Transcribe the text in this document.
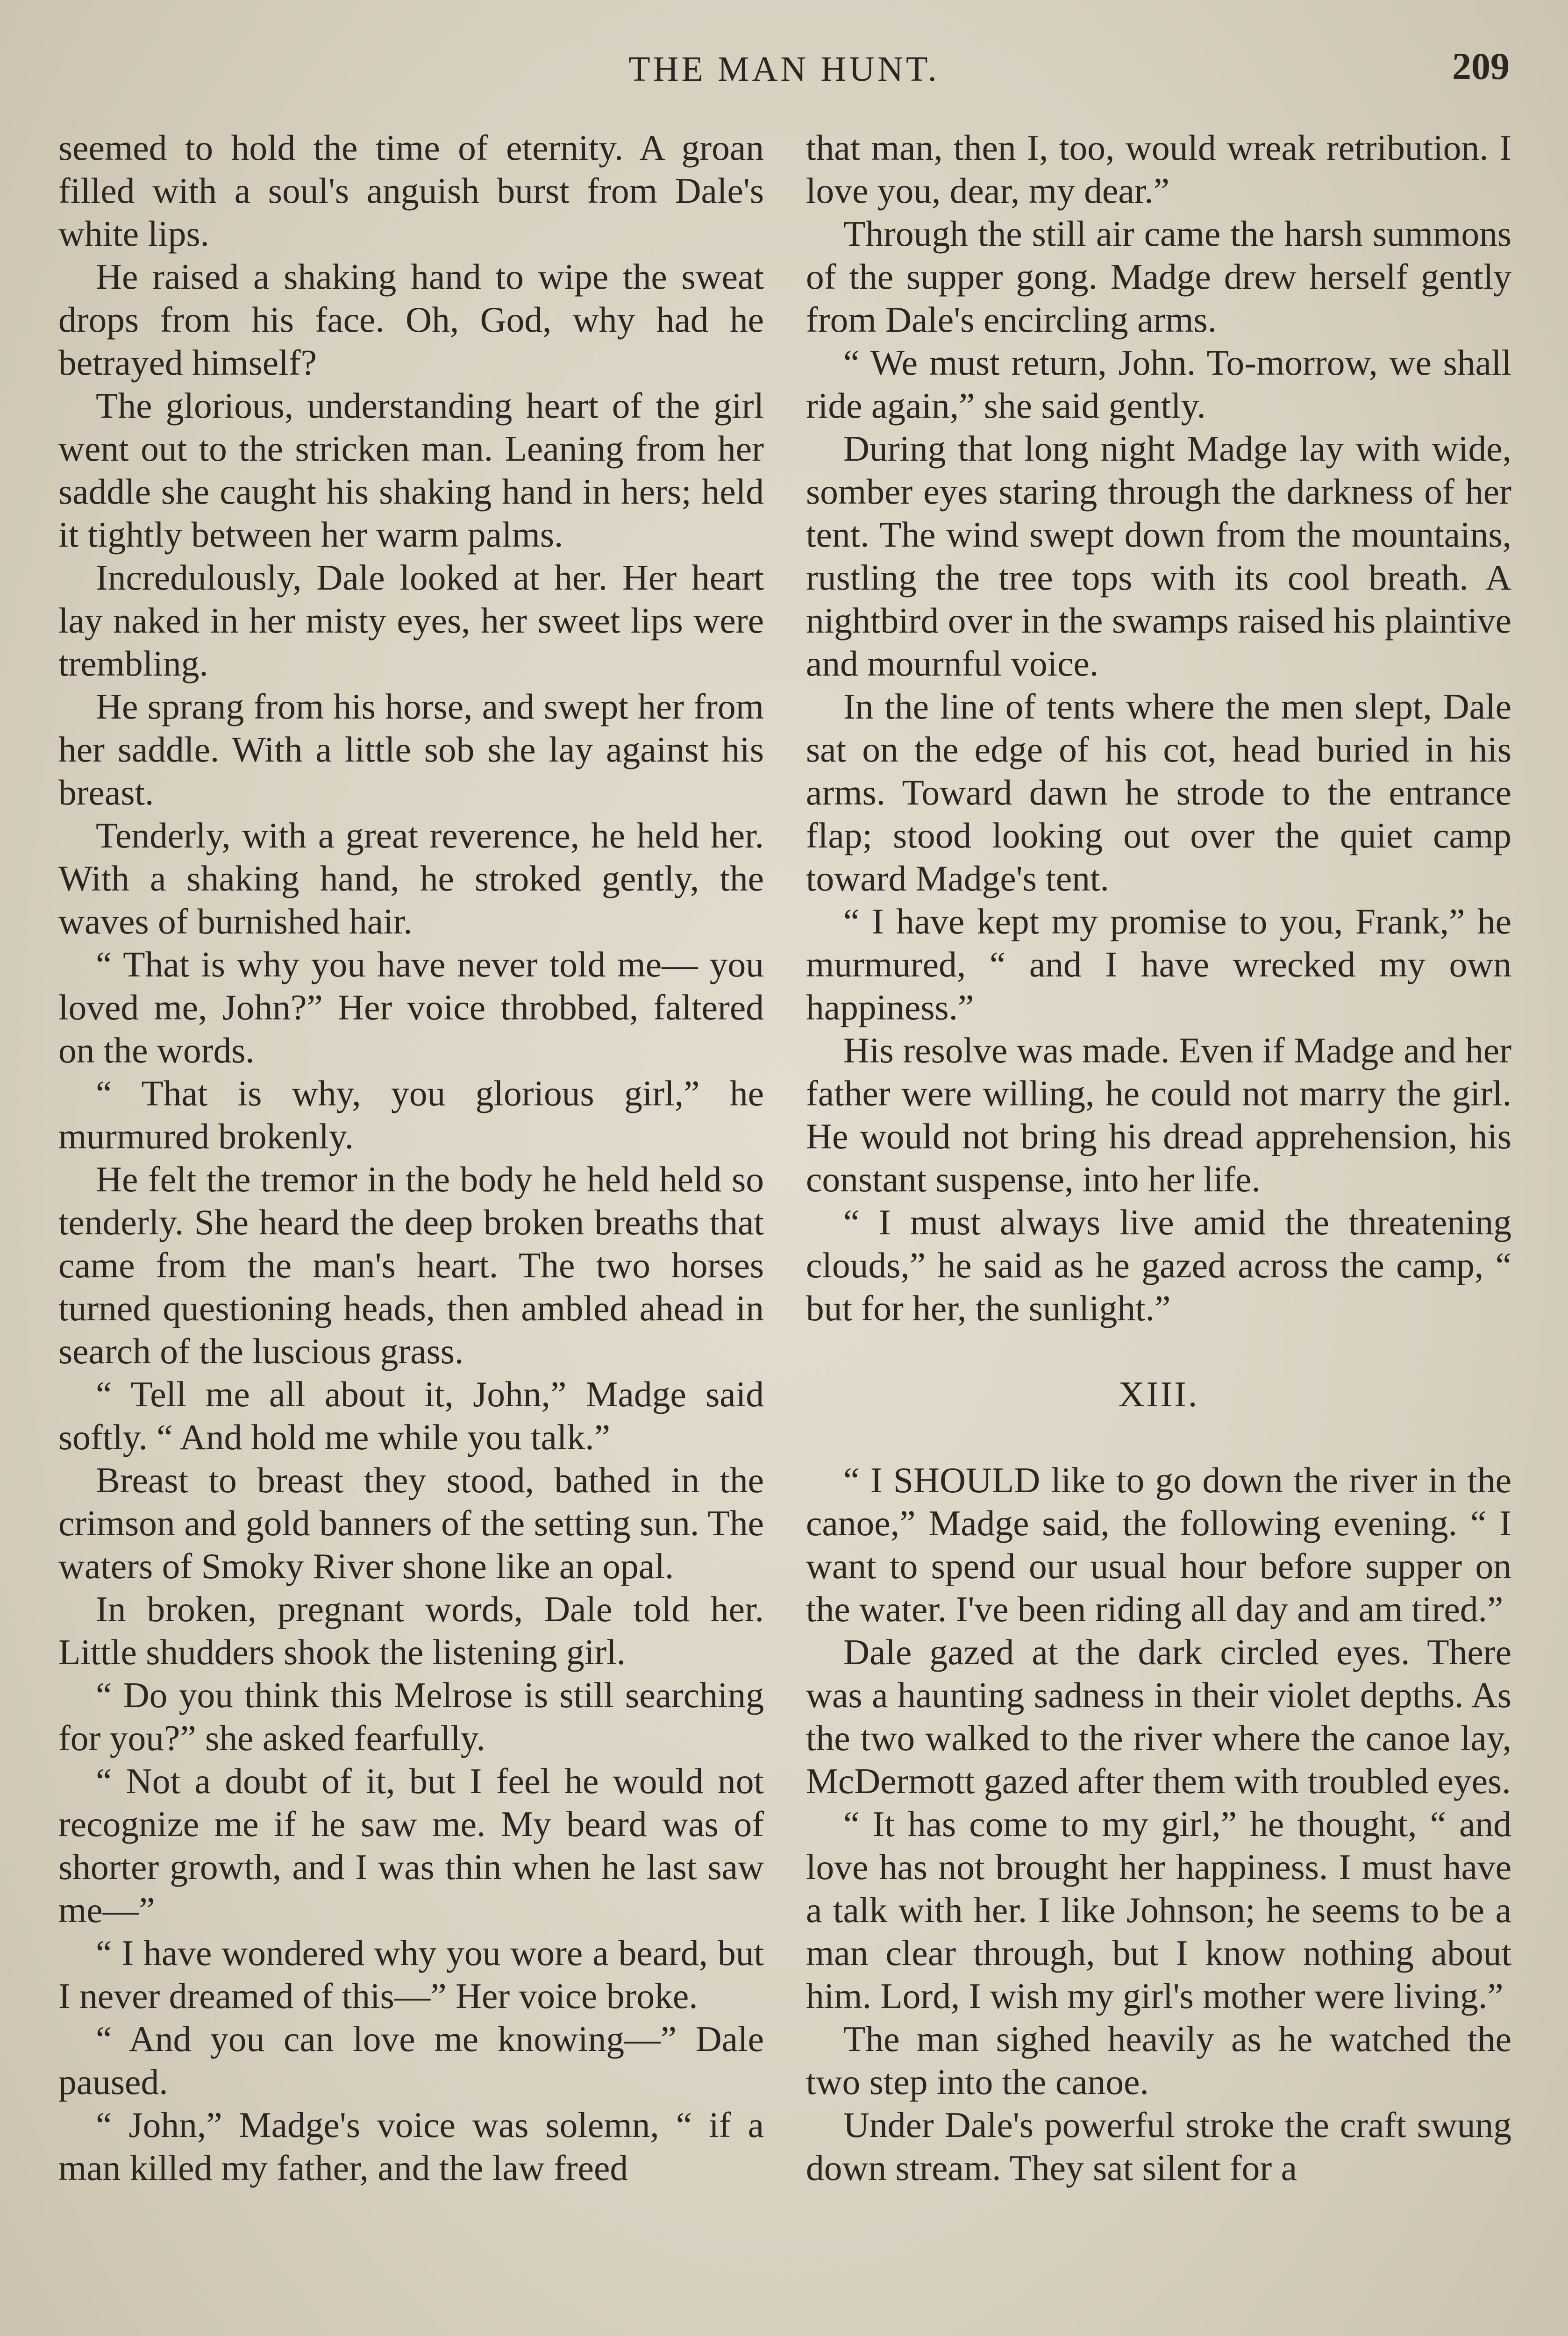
THE MAN HUNT.	209

seemed to hold the time of eternity. A groan filled with a soul's anguish burst from Dale's white lips.

He raised a shaking hand to wipe the sweat drops from his face. Oh, God, why had he betrayed himself?

The glorious, understanding heart of the girl went out to the stricken man. Leaning from her saddle she caught his shaking hand in hers; held it tightly between her warm palms.

Incredulously, Dale looked at her. Her heart lay naked in her misty eyes, her sweet lips were trembling.

He sprang from his horse, and swept her from her saddle. With a little sob she lay against his breast.

Tenderly, with a great reverence, he held her. With a shaking hand, he stroked gently, the waves of burnished hair.

“ That is why you have never told me— you loved me, John?” Her voice throbbed, faltered on the words.

“ That is why, you glorious girl,” he murmured brokenly.

He felt the tremor in the body he held held so tenderly. She heard the deep broken breaths that came from the man's heart. The two horses turned questioning heads, then ambled ahead in search of the luscious grass.

“ Tell me all about it, John,” Madge said softly. “ And hold me while you talk.”

Breast to breast they stood, bathed in the crimson and gold banners of the setting sun. The waters of Smoky River shone like an opal.

In broken, pregnant words, Dale told her. Little shudders shook the listening girl.

“ Do you think this Melrose is still searching for you?” she asked fearfully.

“ Not a doubt of it, but I feel he would not recognize me if he saw me. My beard was of shorter growth, and I was thin when he last saw me—”

“ I have wondered why you wore a beard, but I never dreamed of this—” Her voice broke.

“ And you can love me knowing—” Dale paused.

“ John,” Madge's voice was solemn, “ if a man killed my father, and the law freed

that man, then I, too, would wreak retribution. I love you, dear, my dear.”

Through the still air came the harsh summons of the supper gong. Madge drew herself gently from Dale's encircling arms.

“ We must return, John. To-morrow, we shall ride again,” she said gently.

During that long night Madge lay with wide, somber eyes staring through the darkness of her tent. The wind swept down from the mountains, rustling the tree tops with its cool breath. A nightbird over in the swamps raised his plaintive and mournful voice.

In the line of tents where the men slept, Dale sat on the edge of his cot, head buried in his arms. Toward dawn he strode to the entrance flap; stood looking out over the quiet camp toward Madge's tent.

“ I have kept my promise to you, Frank,” he murmured, “ and I have wrecked my own happiness.”

His resolve was made. Even if Madge and her father were willing, he could not marry the girl. He would not bring his dread apprehension, his constant suspense, into her life.

“ I must always live amid the threatening clouds,” he said as he gazed across the camp, “ but for her, the sunlight.”

XIII.

“ I SHOULD like to go down the river in the canoe,” Madge said, the following evening. “ I want to spend our usual hour before supper on the water. I've been riding all day and am tired.”

Dale gazed at the dark circled eyes. There was a haunting sadness in their violet depths. As the two walked to the river where the canoe lay, McDermott gazed after them with troubled eyes.

“ It has come to my girl,” he thought, “ and love has not brought her happiness. I must have a talk with her. I like Johnson; he seems to be a man clear through, but I know nothing about him. Lord, I wish my girl's mother were living.”

The man sighed heavily as he watched the two step into the canoe.

Under Dale's powerful stroke the craft swung down stream. They sat silent for a
